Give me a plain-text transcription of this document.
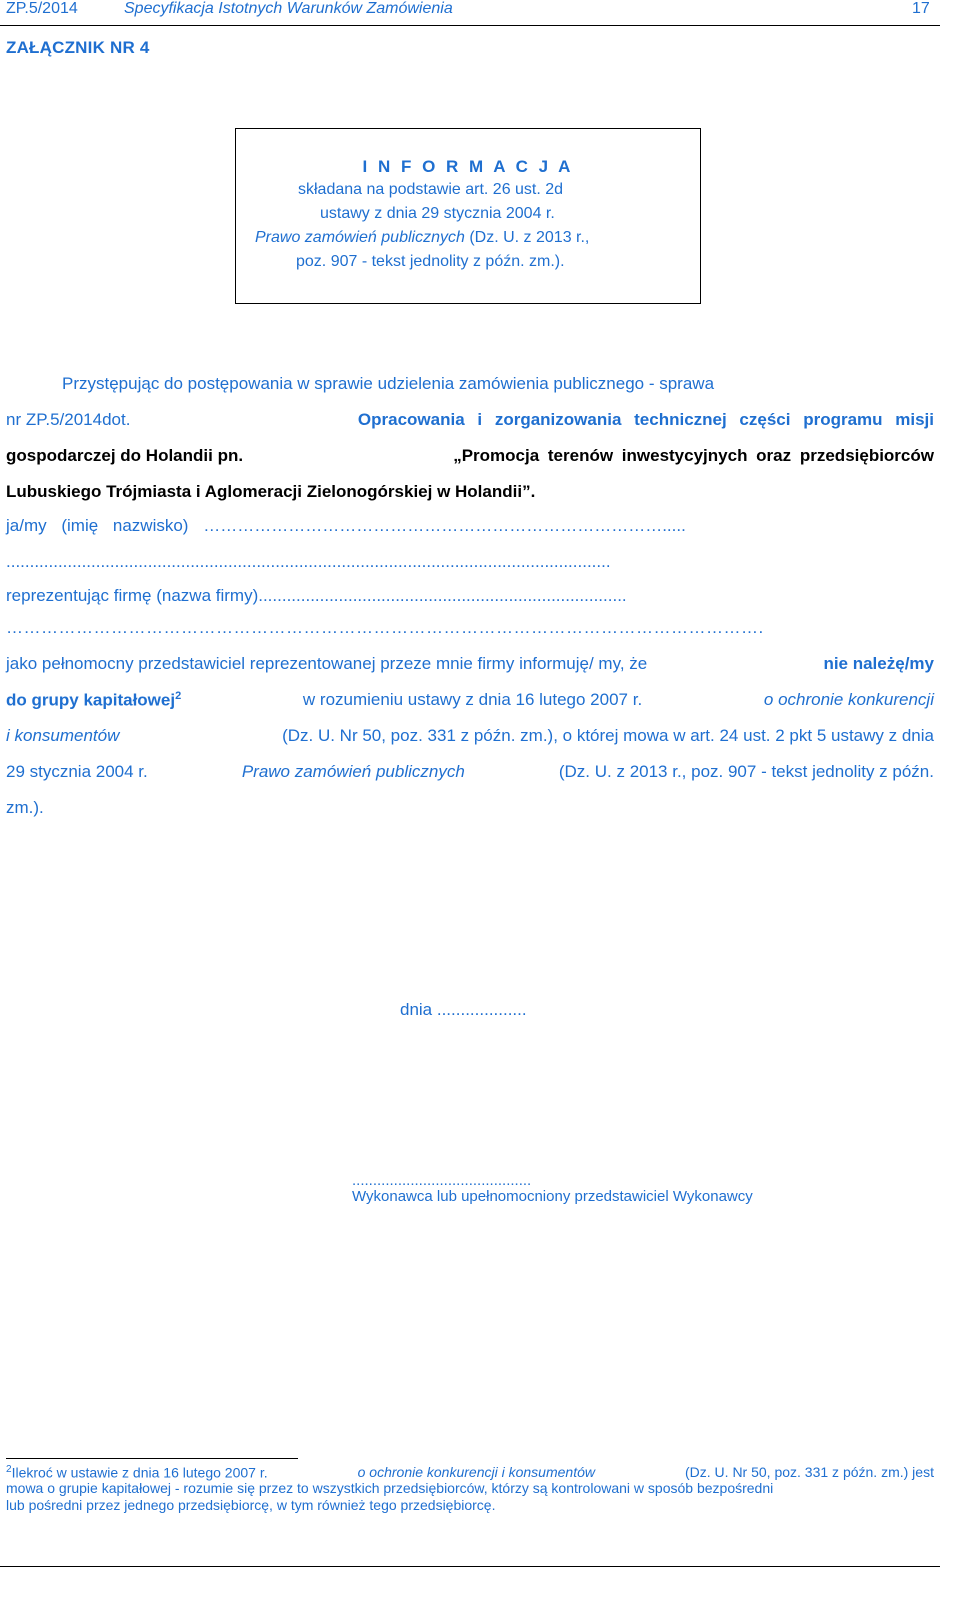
ZP.5/2014	Specyfikacja Istotnych Warunków Zamówienia	17
ZAŁĄCZNIK NR 4
I N F O R M A C J A
składana na podstawie art. 26 ust. 2d
ustawy z dnia 29 stycznia 2004 r.
Prawo zamówień publicznych (Dz. U. z 2013 r.,
poz. 907 - tekst jednolity z późn. zm.).
Przystępując do postępowania w sprawie udzielenia zamówienia publicznego - sprawa
nr ZP.5/2014dot.	Opracowania i zorganizowania technicznej części programu misji
gospodarczej do Holandii pn.	„Promocja terenów inwestycyjnych oraz przedsiębiorców
Lubuskiego Trójmiasta i Aglomeracji Zielonogórskiej w Holandii”.
ja/my (imię nazwisko) ……………………………………………………………………….....
................................................................................................................................
reprezentując firmę (nazwa firmy)..............................................................................
………………………………………………………………………………………………………………….
jako pełnomocny przedstawiciel reprezentowanej przeze mnie firmy informuję/ my, że	nie należę/my
do grupy kapitałowej$^2$	w rozumieniu ustawy z dnia 16 lutego 2007 r.	o ochronie konkurencji
i konsumentów	(Dz. U. Nr 50, poz. 331 z późn. zm.), o której mowa w art. 24 ust. 2 pkt 5 ustawy z dnia
29 stycznia 2004 r.	Prawo zamówień publicznych	(Dz. U. z 2013 r., poz. 907 - tekst jednolity z późn.
zm.).
dnia ...................
...........................................
Wykonawca lub upełnomocniony przedstawiciel Wykonawcy
$^2$Ilekroć w ustawie z dnia 16 lutego 2007 r.	o ochronie konkurencji i konsumentów	(Dz. U. Nr 50, poz. 331 z późn. zm.) jest
mowa o grupie kapitałowej - rozumie się przez to wszystkich przedsiębiorców, którzy są kontrolowani w sposób bezpośredni
lub pośredni przez jednego przedsiębiorcę, w tym również tego przedsiębiorcę.
